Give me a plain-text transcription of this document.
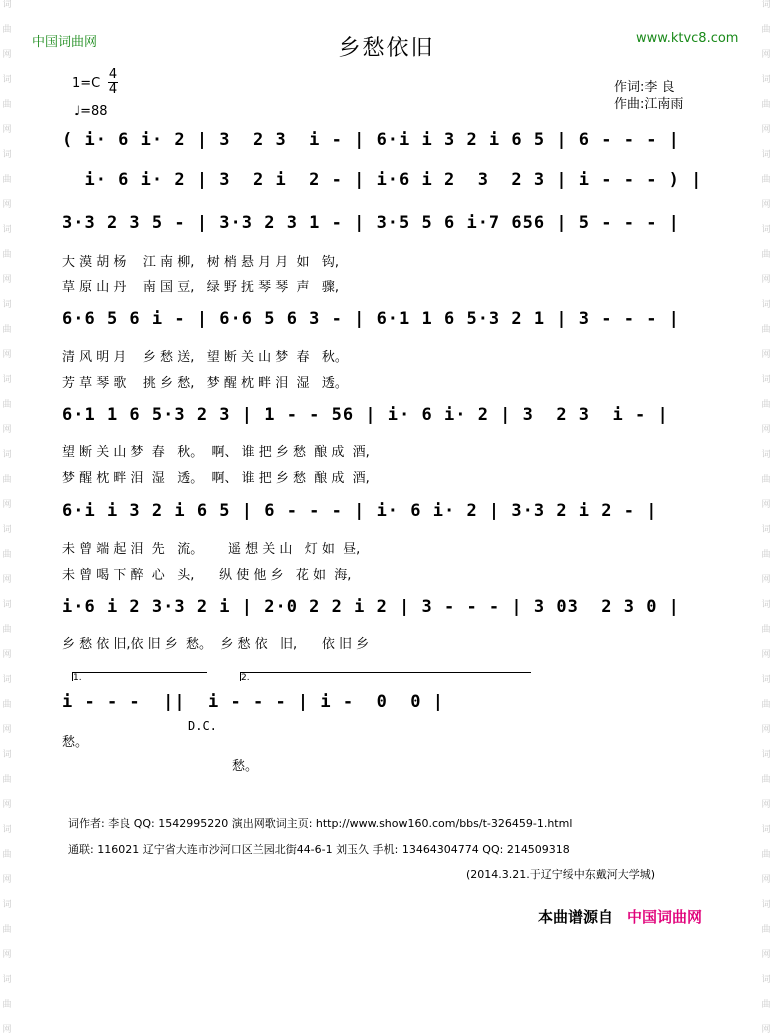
词
曲
网
词
曲
网
词
曲
网
词
曲
网
词
曲
网
词
曲
网
词
曲
网
词
曲
网
词
曲
网
词
曲
网
词
曲
网
词
曲
网
词
曲
网
词
曲
网
词
曲
网
词
曲
网
词
曲
网
词
曲
网
词
曲
网
词
曲
网
词
曲
网
词
曲
网
词
曲
网
词
曲
网
词
曲
网
词
曲
网
词
曲
网
词
曲
网
中国词曲网	乡愁依旧	www.ktvc8.com
$1=C \frac{4}{4}$
♩=88
作词:李 良
作曲:江南雨
( i· 6 i· 2 | 3  2 3  i - | 6·i i 3 2 i 6 5 | 6 - - - |
i· 6 i· 2 | 3  2 i  2 - | i·6 i 2  3  2 3 | i - - - ) |
3·3 2 3 5 - | 3·3 2 3 1 - | 3·5 5 6 i·7 656 | 5 - - - |
大 漠 胡 杨    江 南 柳,   树 梢 悬 月 月  如   钩,
草 原 山 丹    南 国 豆,   绿 野 抚 琴 琴  声   骤,
6·6 5 6 i - | 6·6 5 6 3 - | 6·1 1 6 5·3 2 1 | 3 - - - |
清 风 明 月    乡 愁 送,   望 断 关 山 梦  春   秋。
芳 草 琴 歌    挑 乡 愁,   梦 醒 枕 畔 泪  湿   透。
6·1 1 6 5·3 2 3 | 1 - - 56 | i· 6 i· 2 | 3  2 3  i - |
望 断 关 山 梦  春   秋。  啊、 谁 把 乡 愁  酿 成  酒,
梦 醒 枕 畔 泪  湿   透。  啊、 谁 把 乡 愁  酿 成  酒,
6·i i 3 2 i 6 5 | 6 - - - | i· 6 i· 2 | 3·3 2 i 2 - |
未 曾 端 起 泪  先   流。      遥 想 关 山   灯 如  昼,
未 曾 喝 下 醉  心   头,      纵 使 他 乡   花 如  海,
i·6 i 2 3·3 2 i | 2·0 2 2 i 2 | 3 - - - | 3 03  2 3 0 |
乡 愁 依 旧,依 旧 乡  愁。  乡 愁 依   旧,      依 旧 乡
1.	2.
i - - -  ||  i - - - | i -  0  0 |
D.C.
愁。
愁。
词作者: 李良 QQ: 1542995220 演出网歌词主页: http://www.show160.com/bbs/t-326459-1.html
通联: 116021 辽宁省大连市沙河口区兰园北街44-6-1 刘玉久 手机: 13464304774 QQ: 214509318
(2014.3.21.于辽宁绥中东戴河大学城)
本曲谱源自 中国词曲网
